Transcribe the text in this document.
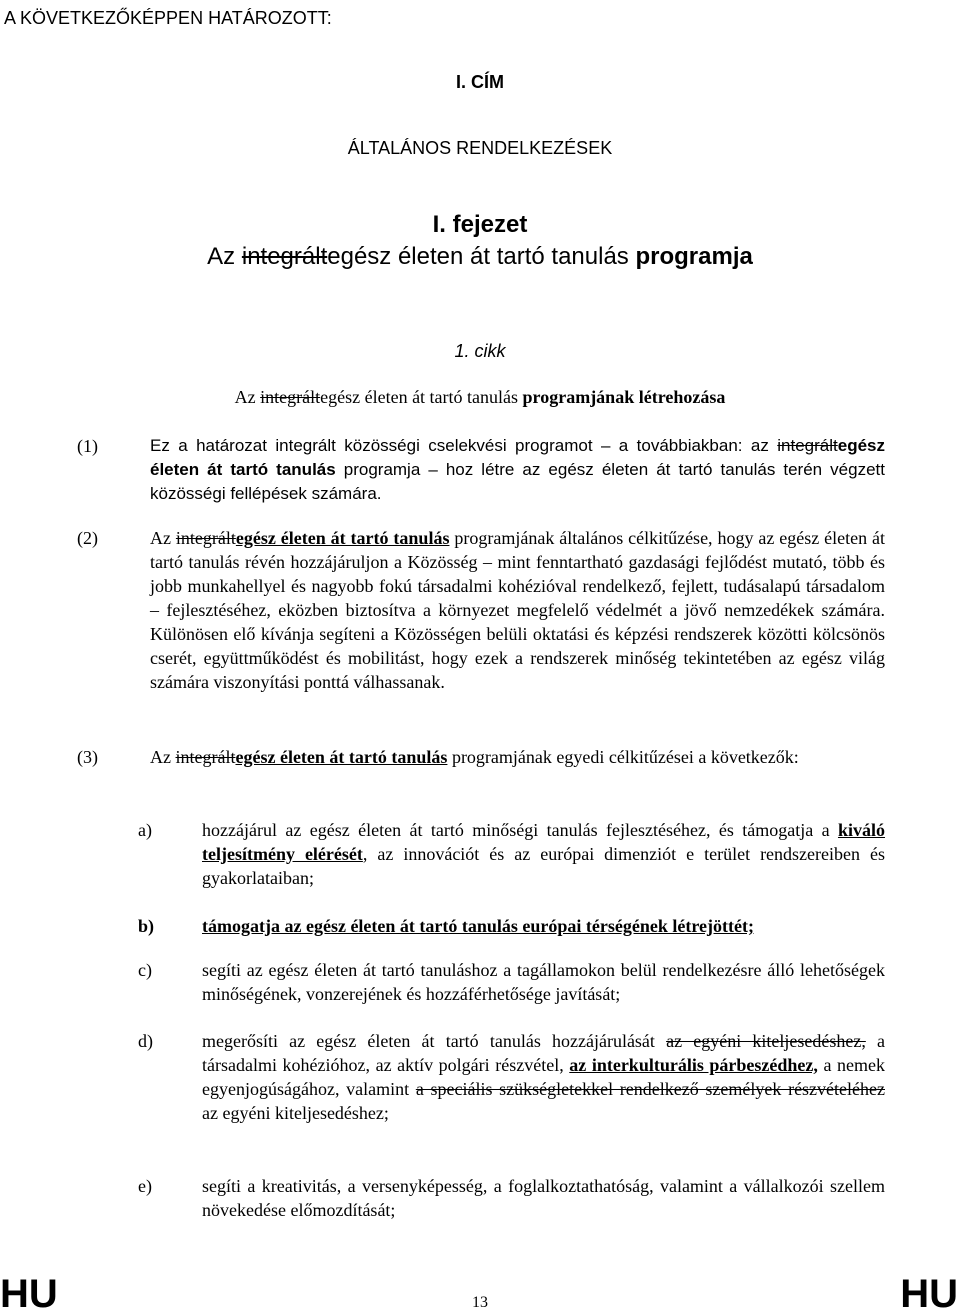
A KÖVETKEZŐKÉPPEN HATÁROZOTT:
I. CÍM
ÁLTALÁNOS RENDELKEZÉSEK
I. fejezet
Az integráltegész életen át tartó tanulás programja
1. cikk
Az integráltegész életen át tartó tanulás programjának létrehozása
(1)	Ez a határozat integrált közösségi cselekvési programot – a továbbiakban: az integráltegész életen át tartó tanulás programja – hoz létre az egész életen át tartó tanulás terén végzett közösségi fellépések számára.
(2)	Az integráltegész életen át tartó tanulás programjának általános célkitűzése, hogy az egész életen át tartó tanulás révén hozzájáruljon a Közösség – mint fenntartható gazdasági fejlődést mutató, több és jobb munkahellyel és nagyobb fokú társadalmi kohézióval rendelkező, fejlett, tudásalapú társadalom – fejlesztéséhez, eközben biztosítva a környezet megfelelő védelmét a jövő nemzedékek számára. Különösen elő kívánja segíteni a Közösségen belüli oktatási és képzési rendszerek közötti kölcsönös cserét, együttműködést és mobilitást, hogy ezek a rendszerek minőség tekintetében az egész világ számára viszonyítási ponttá válhassanak.
(3)	Az integráltegész életen át tartó tanulás programjának egyedi célkitűzései a következők:
a)	hozzájárul az egész életen át tartó minőségi tanulás fejlesztéséhez, és támogatja a kiváló teljesítmény elérését, az innovációt és az európai dimenziót e terület rendszereiben és gyakorlataiban;
b)	támogatja az egész életen át tartó tanulás európai térségének létrejöttét;
c)	segíti az egész életen át tartó tanuláshoz a tagállamokon belül rendelkezésre álló lehetőségek minőségének, vonzerejének és hozzáférhetősége javítását;
d)	megerősíti az egész életen át tartó tanulás hozzájárulását az egyéni kiteljesedéshez, a társadalmi kohézióhoz, az aktív polgári részvétel, az interkulturális párbeszédhez, a nemek egyenjogúságához, valamint a speciális szükségletekkel rendelkező személyek részvételéhez az egyéni kiteljesedéshez;
e)	segíti a kreativitás, a versenyképesség, a foglalkoztathatóság, valamint a vállalkozói szellem növekedése előmozdítását;
HU	13	HU
